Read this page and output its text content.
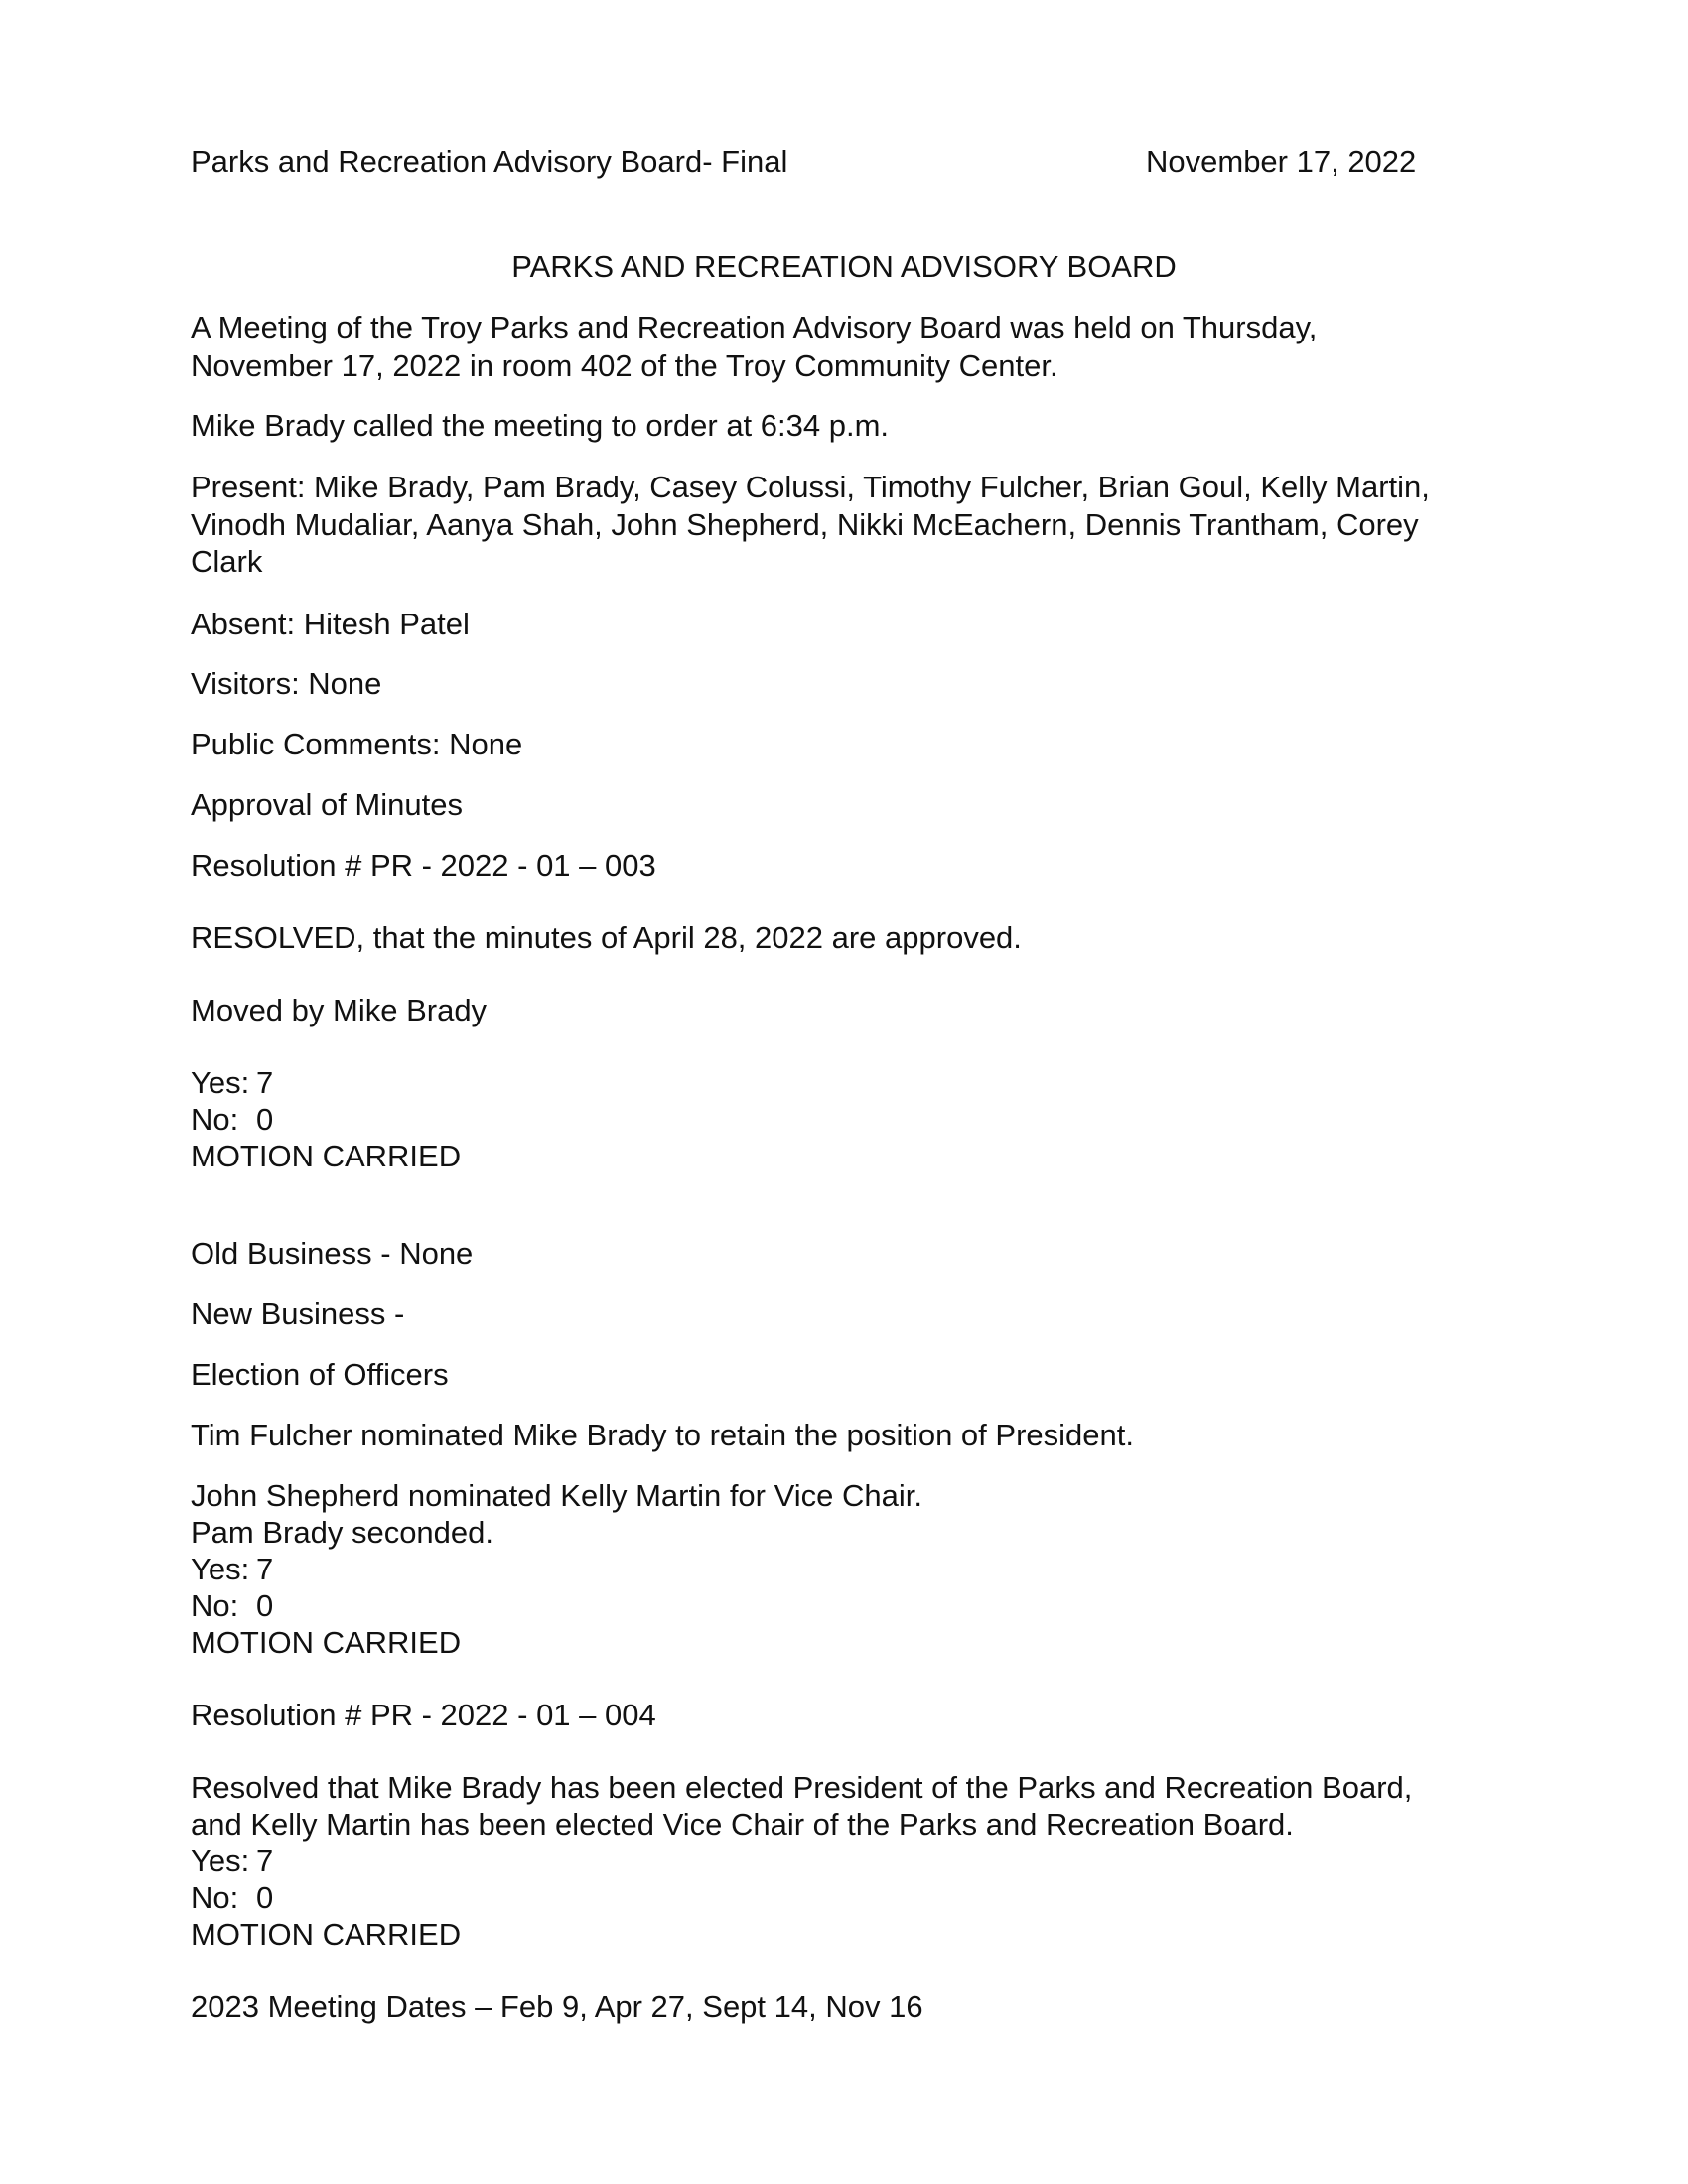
Parks and Recreation Advisory Board- Final	November 17, 2022
PARKS AND RECREATION ADVISORY BOARD
A Meeting of the Troy Parks and Recreation Advisory Board was held on Thursday,
November 17, 2022 in room 402 of the Troy Community Center.
Mike Brady called the meeting to order at 6:34 p.m.
Present: Mike Brady, Pam Brady, Casey Colussi, Timothy Fulcher, Brian Goul, Kelly Martin,
Vinodh Mudaliar, Aanya Shah, John Shepherd, Nikki McEachern, Dennis Trantham, Corey
Clark
Absent: Hitesh Patel
Visitors: None
Public Comments: None
Approval of Minutes
Resolution # PR - 2022 - 01 – 003
RESOLVED, that the minutes of April 28, 2022 are approved.
Moved by Mike Brady
Yes: 7
No: 0
MOTION CARRIED
Old Business - None
New Business -
Election of Officers
Tim Fulcher nominated Mike Brady to retain the position of President.
John Shepherd nominated Kelly Martin for Vice Chair.
Pam Brady seconded.
Yes: 7
No: 0
MOTION CARRIED
Resolution # PR - 2022 - 01 – 004
Resolved that Mike Brady has been elected President of the Parks and Recreation Board,
and Kelly Martin has been elected Vice Chair of the Parks and Recreation Board.
Yes: 7
No: 0
MOTION CARRIED
2023 Meeting Dates – Feb 9, Apr 27, Sept 14, Nov 16
